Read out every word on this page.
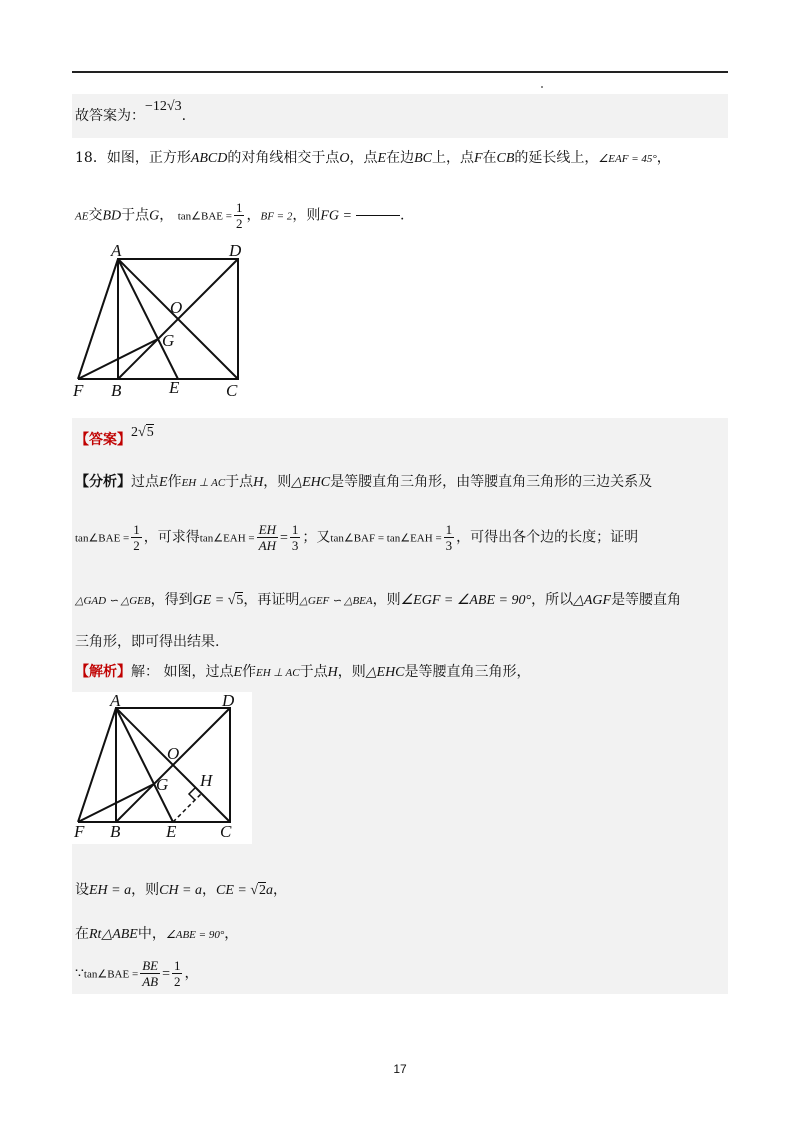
故答案为：−12√3.
18．如图，正方形ABCD的对角线相交于点O，点E在边BC上，点F在CB的延长线上，∠EAF = 45°，
AE交BD于点G， tan∠BAE = $\frac{1}{2}$ ，BF = 2，则FG =	.
A	D
O
G
F B	E	C
【答案】2√5
【分析】过点E作EH ⊥ AC于点H，则△EHC是等腰直角三角形，由等腰直角三角形的三边关系及
tan∠BAE = $\frac{1}{2}$ ，可求得tan∠EAH = $\frac{EH}{AH} = \frac{1}{3}$ ；又tan∠BAF = tan∠EAH = $\frac{1}{3}$ ，可得出各个边的长度；证明
△GAD ∽ △GEB，得到GE = √5，再证明△GEF ∽ △BEA，则∠EGF = ∠ABE = 90°，所以△AGF是等腰直角
三角形，即可得出结果.
【解析】解： 如图，过点E作EH ⊥ AC于点H，则△EHC是等腰直角三角形，
A	D
O
G H
F B	E	C
设EH = a，则CH = a，CE = √2a，
在Rt△ABE中，∠ABE = 90°，
∵tan∠BAE = $\frac{BE}{AB} = \frac{1}{2}$ ，
17
